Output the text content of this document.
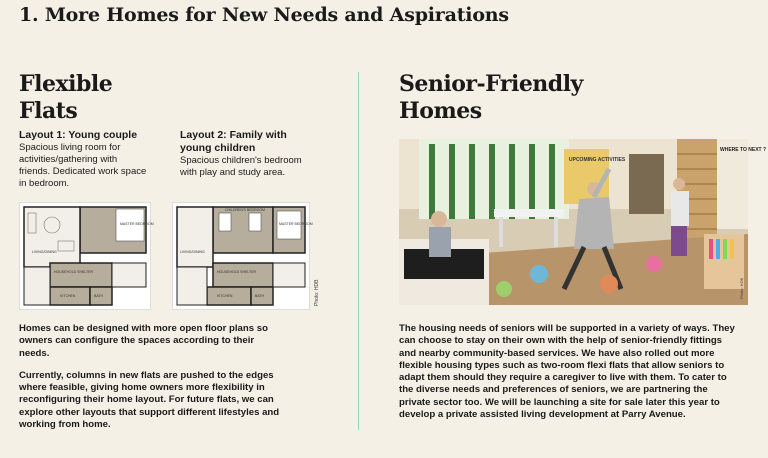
1. More Homes for New Needs and Aspirations
Flexible
Flats
Layout 1: Young couple
Spacious living room for activities/gathering with friends. Dedicated work space in bedroom.
Layout 2: Family with young children
Spacious children's bedroom with play and study area.
MASTER BEDROOM
LIVING/DINING
KITCHEN	BATH
HOUSEHOLD SHELTER
CHILDREN'S BEDROOM
MASTER BEDROOM
LIVING/DINING
KITCHEN	BATH
HOUSEHOLD SHELTER
Photo: HDB

Homes can be designed with more open floor plans so owners can configure the spaces according to their needs.

Currently, columns in new flats are pushed to the edges where feasible, giving home owners more flexibility in reconfiguring their home layout. For future flats, we can explore other layouts that support different lifestyles and working from home.

Senior-Friendly
Homes
UPCOMING ACTIVITIES
WHERE TO NEXT ?
Photo: HDB

The housing needs of seniors will be supported in a variety of ways. They can choose to stay on their own with the help of senior-friendly fittings and nearby community-based services. We have also rolled out more flexible housing types such as two-room flexi flats that allow seniors to adapt them should they require a caregiver to live with them. To cater to the diverse needs and preferences of seniors, we are partnering the private sector too. We will be launching a site for sale later this year to develop a private assisted living development at Parry Avenue.
